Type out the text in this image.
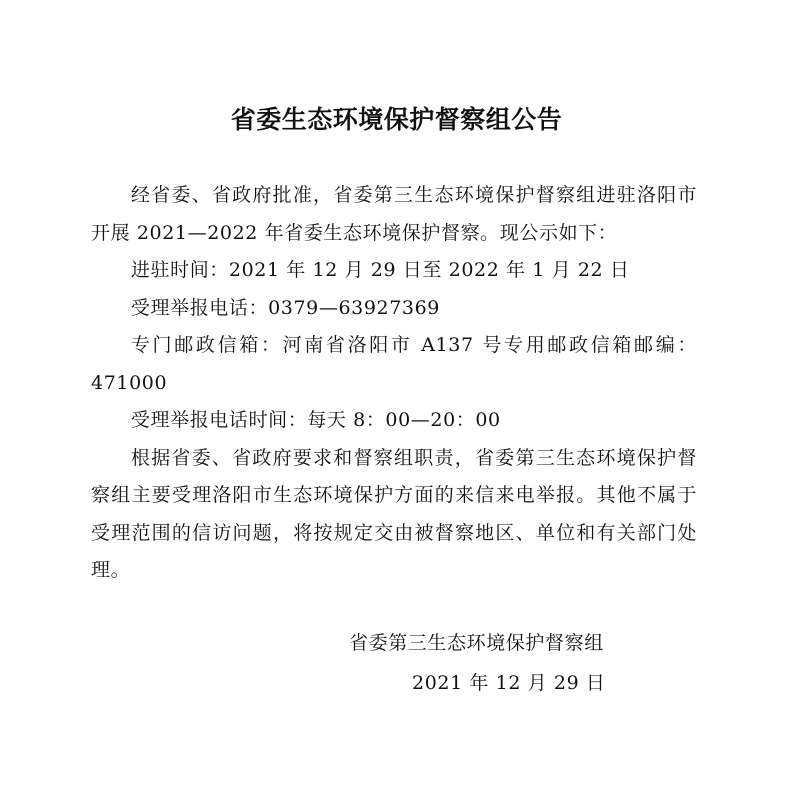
省委生态环境保护督察组公告

经省委、省政府批准，省委第三生态环境保护督察组进驻洛阳市开展 2021—2022 年省委生态环境保护督察。现公示如下：

进驻时间：2021 年 12 月 29 日至 2022 年 1 月 22 日

受理举报电话：0379—63927369

专门邮政信箱：河南省洛阳市 A137 号专用邮政信箱邮编：471000

受理举报电话时间：每天 8：00—20：00

根据省委、省政府要求和督察组职责，省委第三生态环境保护督察组主要受理洛阳市生态环境保护方面的来信来电举报。其他不属于受理范围的信访问题，将按规定交由被督察地区、单位和有关部门处理。

省委第三生态环境保护督察组
2021 年 12 月 29 日
